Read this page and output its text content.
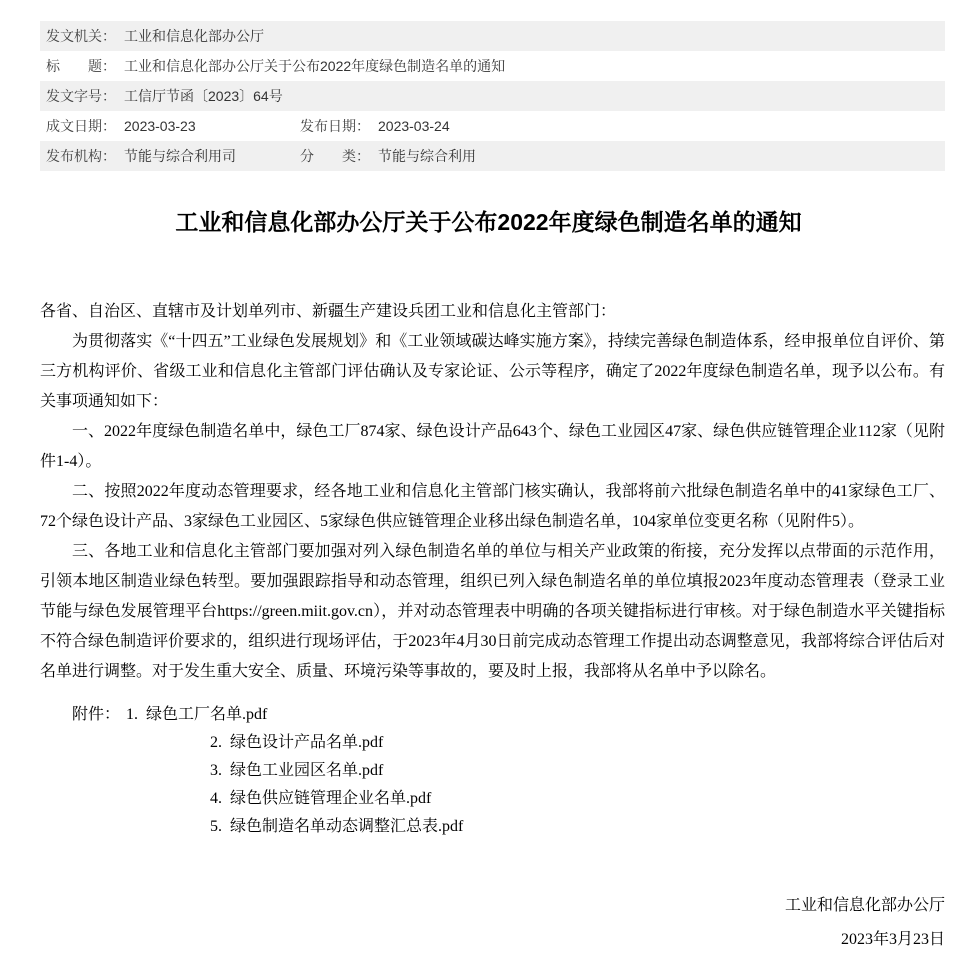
发文机关： 工业和信息化部办公厅
标　　题： 工业和信息化部办公厅关于公布2022年度绿色制造名单的通知
发文字号： 工信厅节函〔2023〕64号
成文日期： 2023-03-23	发布日期： 2023-03-24
发布机构： 节能与综合利用司	分　　类： 节能与综合利用
工业和信息化部办公厅关于公布2022年度绿色制造名单的通知

各省、自治区、直辖市及计划单列市、新疆生产建设兵团工业和信息化主管部门：

为贯彻落实《“十四五”工业绿色发展规划》和《工业领域碳达峰实施方案》，持续完善绿色制造体系，经申报单位自评价、第三方机构评价、省级工业和信息化主管部门评估确认及专家论证、公示等程序，确定了2022年度绿色制造名单，现予以公布。有关事项通知如下：

一、2022年度绿色制造名单中，绿色工厂874家、绿色设计产品643个、绿色工业园区47家、绿色供应链管理企业112家（见附件1-4）。

二、按照2022年度动态管理要求，经各地工业和信息化主管部门核实确认，我部将前六批绿色制造名单中的41家绿色工厂、72个绿色设计产品、3家绿色工业园区、5家绿色供应链管理企业移出绿色制造名单，104家单位变更名称（见附件5）。

三、各地工业和信息化主管部门要加强对列入绿色制造名单的单位与相关产业政策的衔接，充分发挥以点带面的示范作用，引领本地区制造业绿色转型。要加强跟踪指导和动态管理，组织已列入绿色制造名单的单位填报2023年度动态管理表（登录工业节能与绿色发展管理平台https://green.miit.gov.cn），并对动态管理表中明确的各项关键指标进行审核。对于绿色制造水平关键指标不符合绿色制造评价要求的，组织进行现场评估，于2023年4月30日前完成动态管理工作提出动态调整意见，我部将综合评估后对名单进行调整。对于发生重大安全、质量、环境污染等事故的，要及时上报，我部将从名单中予以除名。

附件： 1. 绿色工厂名单.pdf
2. 绿色设计产品名单.pdf
3. 绿色工业园区名单.pdf
4. 绿色供应链管理企业名单.pdf
5. 绿色制造名单动态调整汇总表.pdf
工业和信息化部办公厅
2023年3月23日
